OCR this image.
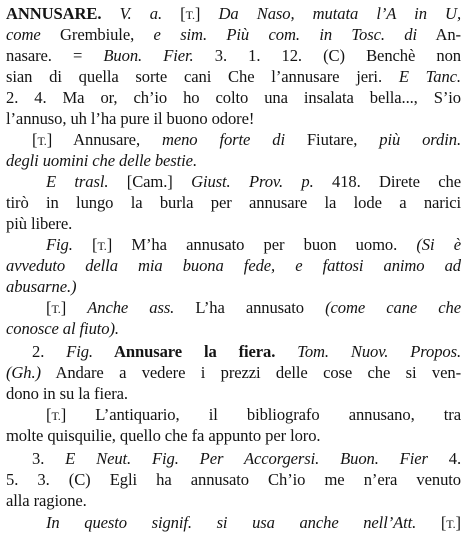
ANNUSARE. V. a. [T.] Da Naso, mutata l’A in U,
come Grembiule, e sim. Più com. in Tosc. di An-
nasare. = Buon. Fier. 3. 1. 12. (C) Benchè non
sian di quella sorte cani Che l’annusare jeri. E Tanc.
2. 4. Ma or, ch’io ho colto una insalata bella..., S’io
l’annuso, uh l’ha pure il buono odore!
[T.] Annusare, meno forte di Fiutare, più ordin.
degli uomini che delle bestie.
E trasl. [Cam.] Giust. Prov. p. 418. Direte che
tirò in lungo la burla per annusare la lode a narici
più libere.
Fig. [T.] M’ha annusato per buon uomo. (Si è
avveduto della mia buona fede, e fattosi animo ad
abusarne.)
[T.] Anche ass. L’ha annusato (come cane che
conosce al fiuto).
2. Fig. Annusare la fiera. Tom. Nuov. Propos.
(Gh.) Andare a vedere i prezzi delle cose che si ven-
dono in su la fiera.
[T.] L’antiquario, il bibliografo annusano, tra
molte quisquilie, quello che fa appunto per loro.
3. E Neut. Fig. Per Accorgersi. Buon. Fier 4.
5. 3. (C) Egli ha annusato Ch’io me n’era venuto
alla ragione.
In questo signif. si usa anche nell’Att. [T.]
